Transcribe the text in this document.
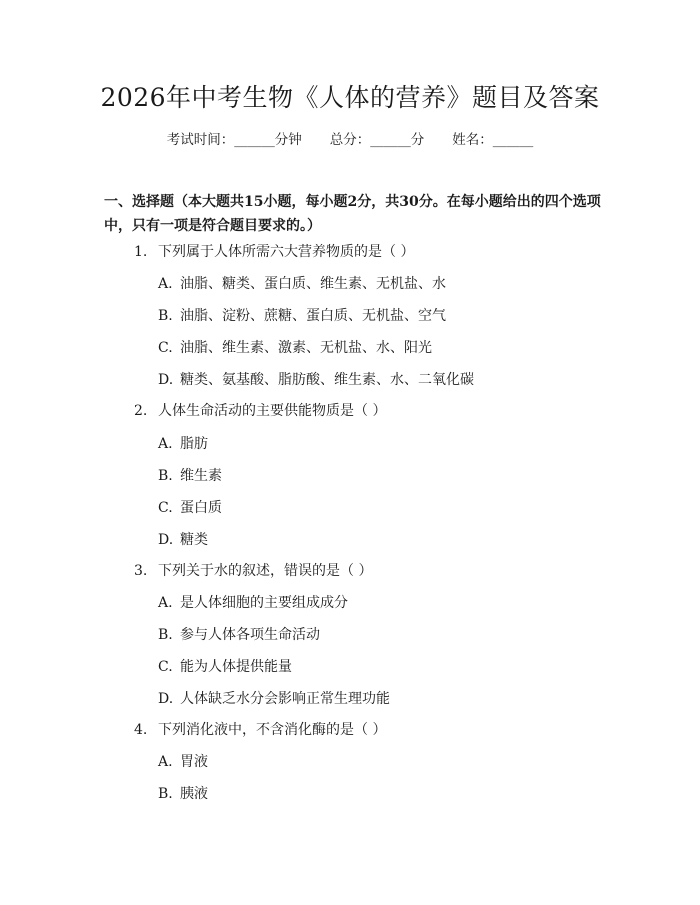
2026年中考生物《人体的营养》题目及答案
考试时间：______分钟 总分：______分 姓名：______
一、选择题（本大题共15小题，每小题2分，共30分。在每小题给出的四个选项中，只有一项是符合题目要求的。）
1. 下列属于人体所需六大营养物质的是（ ）
A. 油脂、糖类、蛋白质、维生素、无机盐、水
B. 油脂、淀粉、蔗糖、蛋白质、无机盐、空气
C. 油脂、维生素、激素、无机盐、水、阳光
D. 糖类、氨基酸、脂肪酸、维生素、水、二氧化碳
2. 人体生命活动的主要供能物质是（ ）
A. 脂肪
B. 维生素
C. 蛋白质
D. 糖类
3. 下列关于水的叙述，错误的是（ ）
A. 是人体细胞的主要组成成分
B. 参与人体各项生命活动
C. 能为人体提供能量
D. 人体缺乏水分会影响正常生理功能
4. 下列消化液中，不含消化酶的是（ ）
A. 胃液
B. 胰液
